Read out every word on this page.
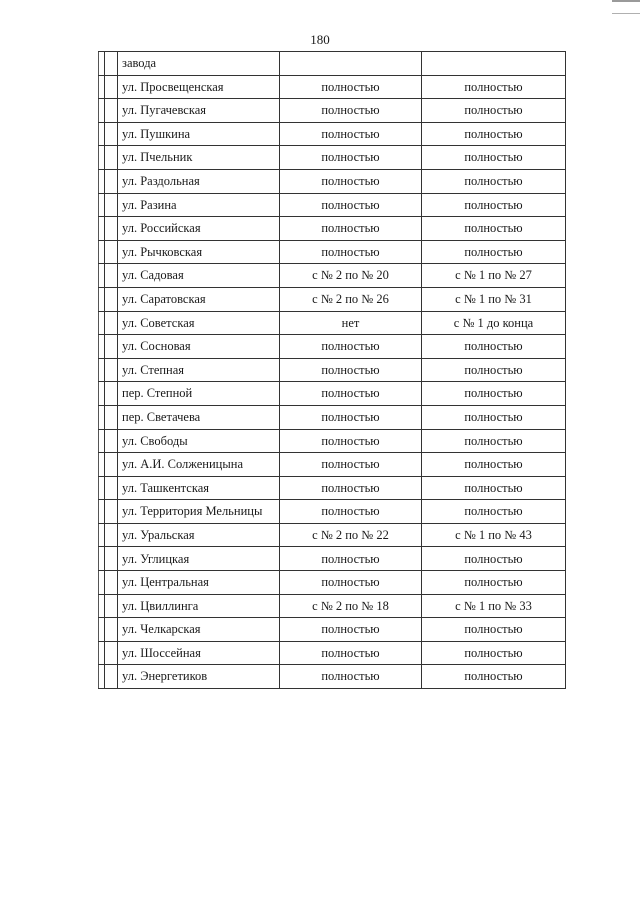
180
		завода		
		ул. Просвещенская	полностью	полностью
		ул. Пугачевская	полностью	полностью
		ул. Пушкина	полностью	полностью
		ул. Пчельник	полностью	полностью
		ул. Раздольная	полностью	полностью
		ул. Разина	полностью	полностью
		ул. Российская	полностью	полностью
		ул. Рычковская	полностью	полностью
		ул. Садовая	с № 2 по № 20	с № 1 по № 27
		ул. Саратовская	с № 2 по № 26	с № 1 по № 31
		ул. Советская	нет	с № 1 до конца
		ул. Сосновая	полностью	полностью
		ул. Степная	полностью	полностью
		пер. Степной	полностью	полностью
		пер. Светачева	полностью	полностью
		ул. Свободы	полностью	полностью
		ул. А.И. Солженицына	полностью	полностью
		ул. Ташкентская	полностью	полностью
		ул. Территория Мельницы	полностью	полностью
		ул. Уральская	с № 2 по № 22	с № 1 по № 43
		ул. Углицкая	полностью	полностью
		ул. Центральная	полностью	полностью
		ул. Цвиллинга	с № 2 по № 18	с № 1 по № 33
		ул. Челкарская	полностью	полностью
		ул. Шоссейная	полностью	полностью
		ул. Энергетиков	полностью	полностью
